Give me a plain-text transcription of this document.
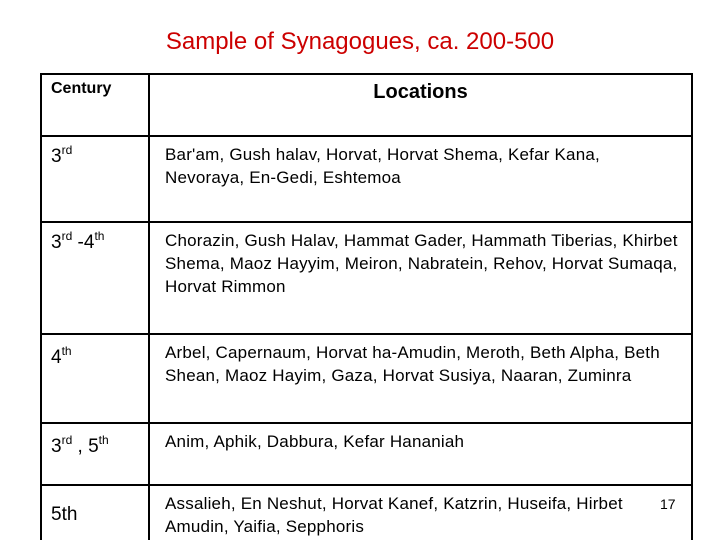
Sample of Synagogues, ca. 200-500
Century	Locations
3rd	Bar'am, Gush halav, Horvat, Horvat Shema, Kefar Kana, Nevoraya, En-Gedi, Eshtemoa
3rd -4th	Chorazin, Gush Halav, Hammat Gader, Hammath Tiberias, Khirbet Shema, Maoz Hayyim, Meiron, Nabratein, Rehov, Horvat Sumaqa, Horvat Rimmon
4th	Arbel, Capernaum, Horvat ha-Amudin, Meroth, Beth Alpha, Beth Shean, Maoz Hayim, Gaza, Horvat Susiya, Naaran, Zuminra
3rd , 5th	Anim, Aphik, Dabbura, Kefar Hananiah
5th	Assalieh, En Neshut, Horvat Kanef, Katzrin, Huseifa, Hirbet Amudin, Yaifia, Sepphoris
17
